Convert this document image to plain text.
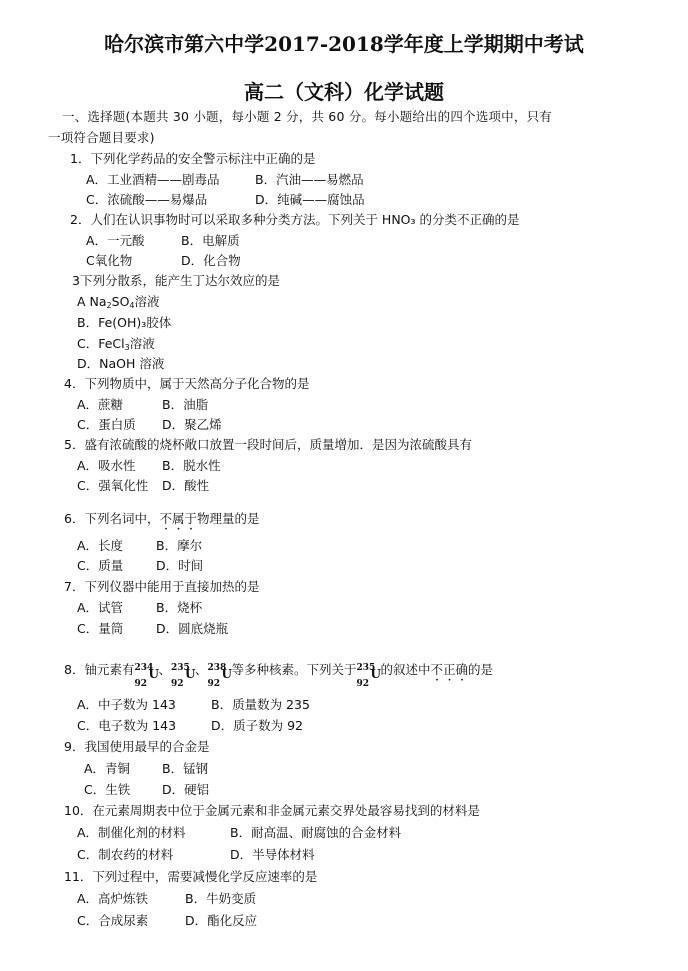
哈尔滨市第六中学2017-2018学年度上学期期中考试
高二（文科）化学试题
一、选择题(本题共 30 小题，每小题 2 分，共 60 分。每小题给出的四个选项中，只有
一项符合题目要求)
1．下列化学药品的安全警示标注中正确的是
A．工业酒精——剧毒品	B．汽油——易燃品
C．浓硫酸——易爆品	D．纯碱——腐蚀品
2．人们在认识事物时可以采取多种分类方法。下列关于 HNO₃ 的分类不正确的是
A．一元酸	B．电解质
C氧化物	D．化合物
3下列分散系，能产生丁达尔效应的是
A $Na_2SO_4$溶液
B．Fe(OH)₃胶体
C．FeCl$_3$溶液
D．NaOH 溶液
4．下列物质中，属于天然高分子化合物的是
A．蔗糖	B．油脂
C．蛋白质 D．聚乙烯
5．盛有浓硫酸的烧杯敞口放置一段时间后，质量增加．是因为浓硫酸具有
A．吸水性 B．脱水性
C．强氧化性 D．酸性
6．下列名词中，不属于物理量的是
A．长度	B．摩尔
C．质量	D．时间
7．下列仪器中能用于直接加热的是
A．试管	B．烧杯
C．量筒	D．圆底烧瓶
8．铀元素有 234
92
U 、 235
92
U 、 238
92
U 等多种核素。下列关于 235
92
U 的叙述中不正确的是
A．中子数为 143	B．质量数为 235
C．电子数为 143	D．质子数为 92
9．我国使用最早的合金是
A．青铜	B．锰钢
C．生铁	D．硬铝
10．在元素周期表中位于金属元素和非金属元素交界处最容易找到的材料是
A．制催化剂的材料	B．耐高温、耐腐蚀的合金材料
C．制农药的材料	D．半导体材料
11．下列过程中，需要减慢化学反应速率的是
A．高炉炼铁	B．牛奶变质
C．合成尿素	D．酯化反应
